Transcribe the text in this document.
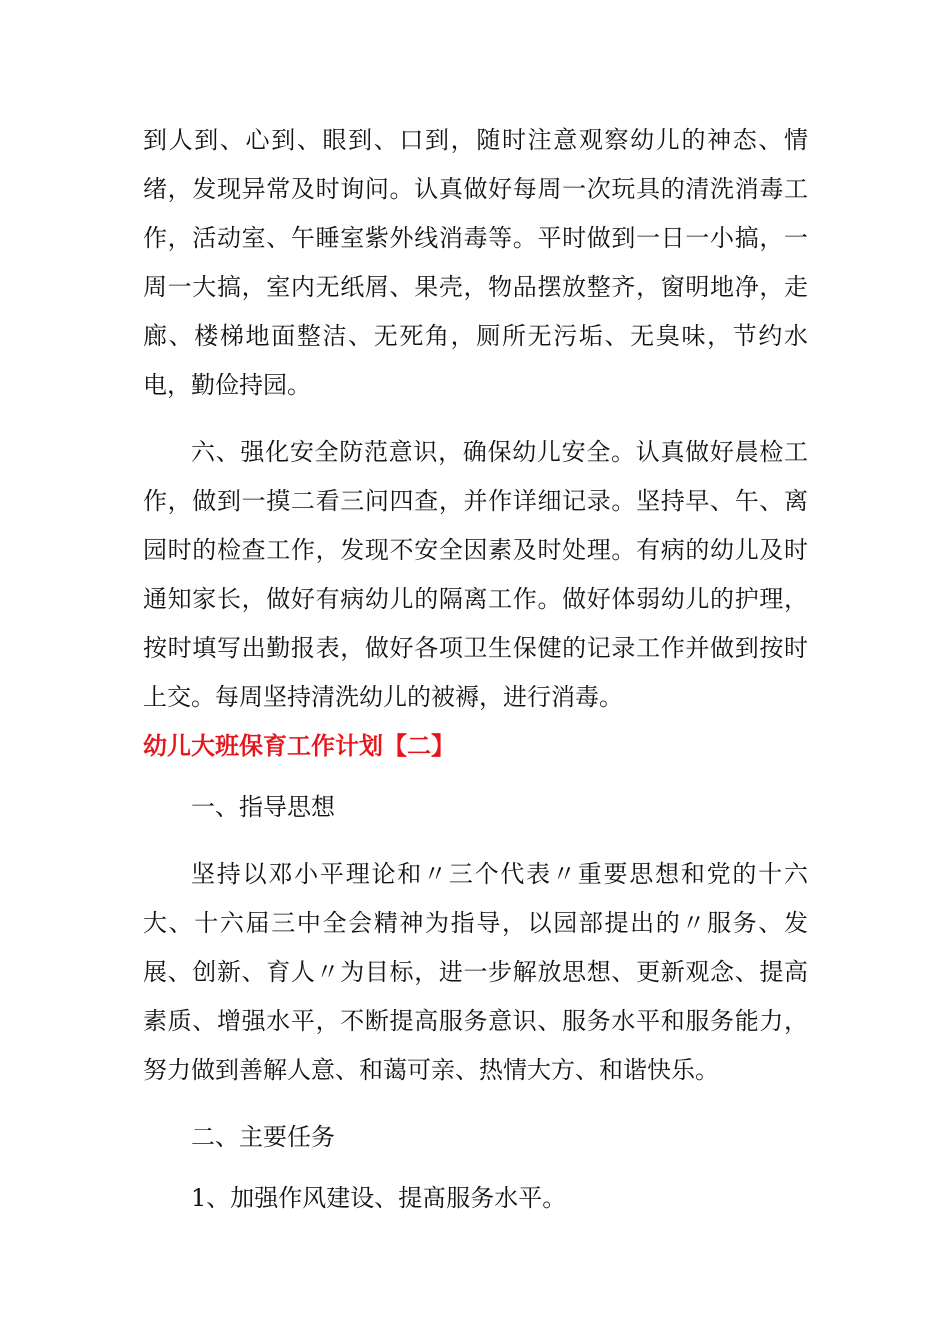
到人到、心到、眼到、口到，随时注意观察幼儿的神态、情绪，发现异常及时询问。认真做好每周一次玩具的清洗消毒工作，活动室、午睡室紫外线消毒等。平时做到一日一小搞，一周一大搞，室内无纸屑、果壳，物品摆放整齐，窗明地净，走廊、楼梯地面整洁、无死角，厕所无污垢、无臭味，节约水电，勤俭持园。

六、强化安全防范意识，确保幼儿安全。认真做好晨检工作，做到一摸二看三问四查，并作详细记录。坚持早、午、离园时的检查工作，发现不安全因素及时处理。有病的幼儿及时通知家长，做好有病幼儿的隔离工作。做好体弱幼儿的护理，按时填写出勤报表，做好各项卫生保健的记录工作并做到按时上交。每周坚持清洗幼儿的被褥，进行消毒。

幼儿大班保育工作计划【二】

一、指导思想

坚持以邓小平理论和〃三个代表〃重要思想和党的十六大、十六届三中全会精神为指导，以园部提出的〃服务、发展、创新、育人〃为目标，进一步解放思想、更新观念、提高素质、增强水平，不断提高服务意识、服务水平和服务能力，努力做到善解人意、和蔼可亲、热情大方、和谐快乐。

二、主要任务

1、加强作风建设、提髙服务水平。
